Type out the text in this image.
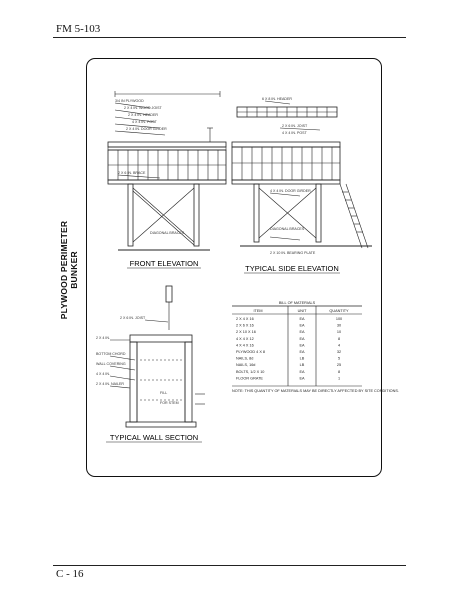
FM 5-103
PLYWOOD PERIMETER BUNKER	FRONT ELEVATION
TYPICAL SIDE ELEVATION
TYPICAL WALL SECTION
3/4 IN PLYWOOD
2 X 4 IN. WOOD JOIST
2 X 4 IN. HEADER
4 X 4 IN. POST
2 X 4 IN. DOOR GIRDER
2 X 6 IN. BRACE
DIAGONAL BRACES
6 X 8 IN. HEADER
2 X 6 IN. JOIST
4 X 4 IN. POST
4 X 4 IN. DOOR GIRDER
DIAGONAL BRACES
2 X 10 IN. BEARING PLATE
2 X 6 IN. JOIST
2 X 4 IN.
BOTTOM CHORD
WALL COVERING
4 X 4 IN.
2 X 4 IN. NAILER
FILL
FOR STEM
BILL OF MATERIALS
ITEM	UNIT	QUANTITY
2 X 4 X 16	EA	100
2 X 6 X 16	EA	30
2 X 10 X 16	EA	10
4 X 4 X 12	EA	8
4 X 4 X 16	EA	4
PLYWOOD 4 X 8	EA	32
NAILS, 8d	LB	5
NAILS, 16d	LB	25
BOLTS, 1/2 X 10	EA	8
FLOOR GRATE	EA	1
NOTE: THIS QUANTITY OF MATERIALS MAY BE DIRECTLY AFFECTED BY SITE CONDITIONS.
C - 16
